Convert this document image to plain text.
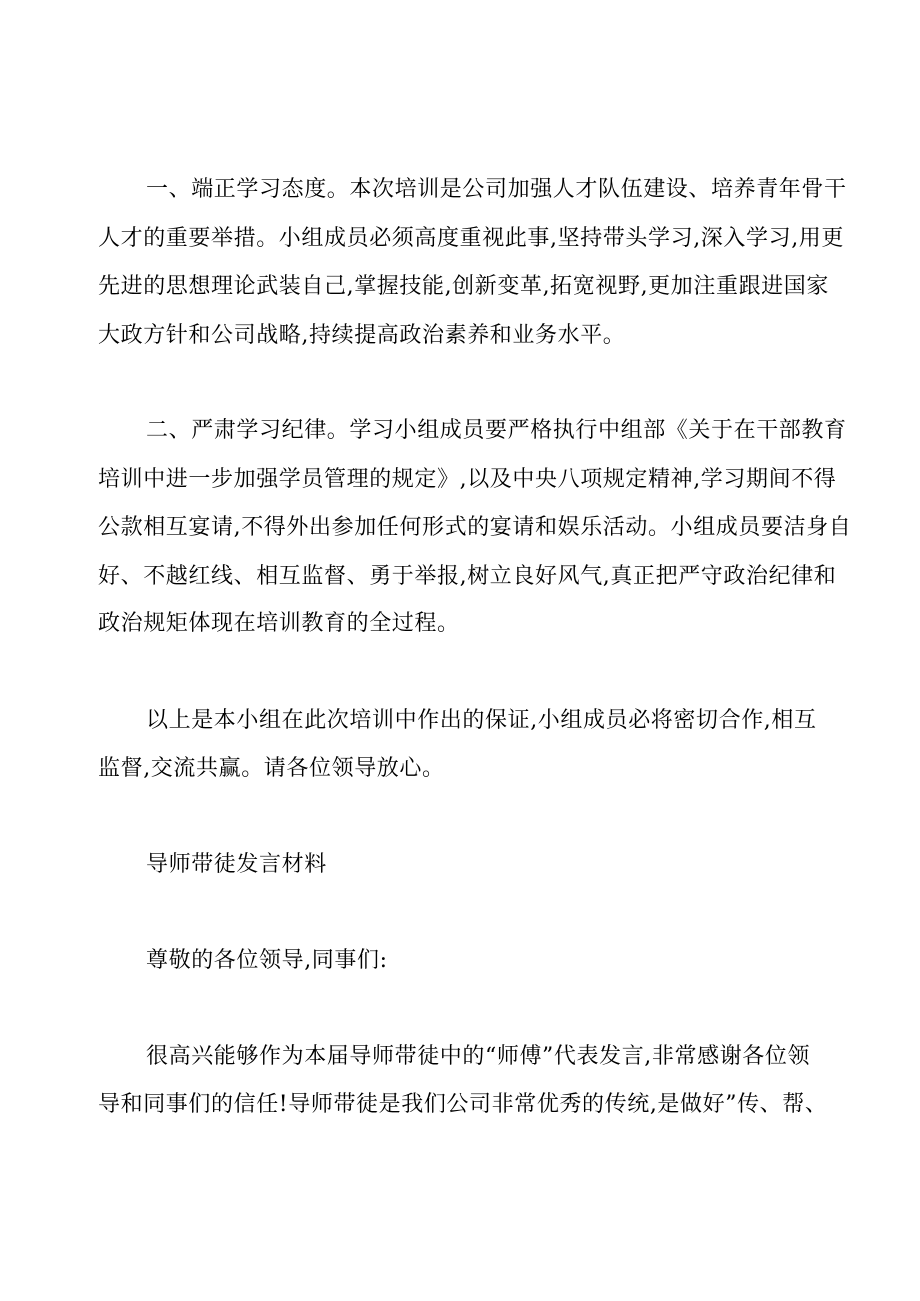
一、端正学习态度。本次培训是公司加强人才队伍建设、培养青年骨干
人才的重要举措。小组成员必须高度重视此事,坚持带头学习,深入学习,用更
先进的思想理论武装自己,掌握技能,创新变革,拓宽视野,更加注重跟进国家
大政方针和公司战略,持续提高政治素养和业务水平。
二、严肃学习纪律。学习小组成员要严格执行中组部《关于在干部教育
培训中进一步加强学员管理的规定》,以及中央八项规定精神,学习期间不得
公款相互宴请,不得外出参加任何形式的宴请和娱乐活动。小组成员要洁身自
好、不越红线、相互监督、勇于举报,树立良好风气,真正把严守政治纪律和
政治规矩体现在培训教育的全过程。
以上是本小组在此次培训中作出的保证,小组成员必将密切合作,相互
监督,交流共赢。请各位领导放心。
导师带徒发言材料
尊敬的各位领导,同事们:
很高兴能够作为本届导师带徒中的“师傅”代表发言,非常感谢各位领
导和同事们的信任!导师带徒是我们公司非常优秀的传统,是做好”传、帮、
